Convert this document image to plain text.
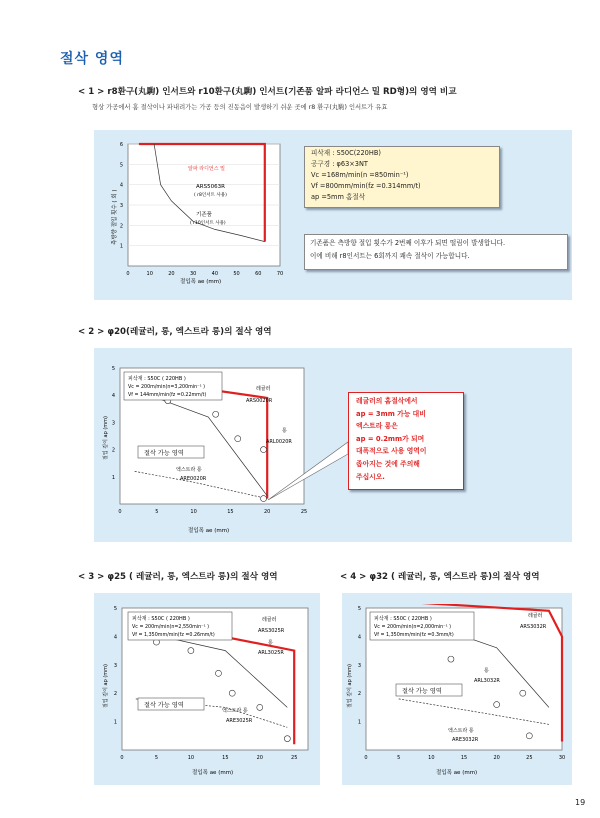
절삭 영역
< 1 > r8환구(丸駒) 인서트와 r10환구(丸駒) 인서트(기존품 알파 라디언스 밀 RD형)의 영역 비교
형상 가공에서 홈 절삭이나 파내려가는 가공 등의 진동음이 발생하기 쉬운 곳에 r8 환구(丸駒) 인서트가 유효
0	10	20	30	40	50	60	70
1
2
3
4
5
6
알파 라디언스 밀
ARS5063R
( r8인서트 사용)
기존품
( r10인서트 사용)
절입폭 ae (mm)
측방향 절입 횟수 ( 회 )
피삭재 : S50C(220HB)
공구경 : φ63×3NT
Vc =168m/min(n =850min⁻¹)
Vf =800mm/min(fz =0.314mm/t)
ap =5mm 홈절삭
기존품은 측방향 절입 횟수가 2번째 이후가 되면 떨림이 발생합니다.
이에 비해 r8인서트는 6회까지 쾌속 절삭이 가능합니다.
< 2 > φ20(레귤러, 롱, 엑스트라 롱)의 절삭 영역
0	5	10	15	20	25
1
2
3
4
5
피삭재 : S50C ( 220HB )
Vc = 200m/min(n=3,200min⁻¹ )
Vf = 144mm/min(fz =0.22mm/t)
레귤러
ARS0020R
롱
ARL0020R
엑스트라 롱
ARE0020R
절삭 가능 영역
절입폭 ae (mm)
절입 깊이 ap (mm)
레귤러의 홈절삭에서
ap = 3mm 가능 대비
엑스트라 롱은
ap = 0.2mm가 되며
대폭적으로 사용 영역이
좁아지는 것에 주의해
주십시오.
< 3 > φ25 ( 레귤러, 롱, 엑스트라 롱)의 절삭 영역
0	5	10	15	20	25
1
2
3
4
5
피삭재 : S50C ( 220HB )
Vc = 200m/min(n=2,550min⁻¹ )
Vf = 1,350mm/min(fz =0.26mm/t)
레귤러
ARS3025R
롱
ARL3025R
엑스트라 롱
ARE3025R
절삭 가능 영역
절입폭 ae (mm)
절입 깊이 ap (mm)
< 4 > φ32 ( 레귤러, 롱, 엑스트라 롱)의 절삭 영역
0	5	10	15	20	25	30
1
2
3
4
5
피삭재 : S50C ( 220HB )
Vc = 200m/min(n=2,000min⁻¹ )
Vf = 1,350mm/min(fz =0.3mm/t)
레귤러
ARS3032R
롱
ARL3032R
엑스트라 롱
ARE3032R
절삭 가능 영역
절입폭 ae (mm)
절입 깊이 ap (mm)
19
